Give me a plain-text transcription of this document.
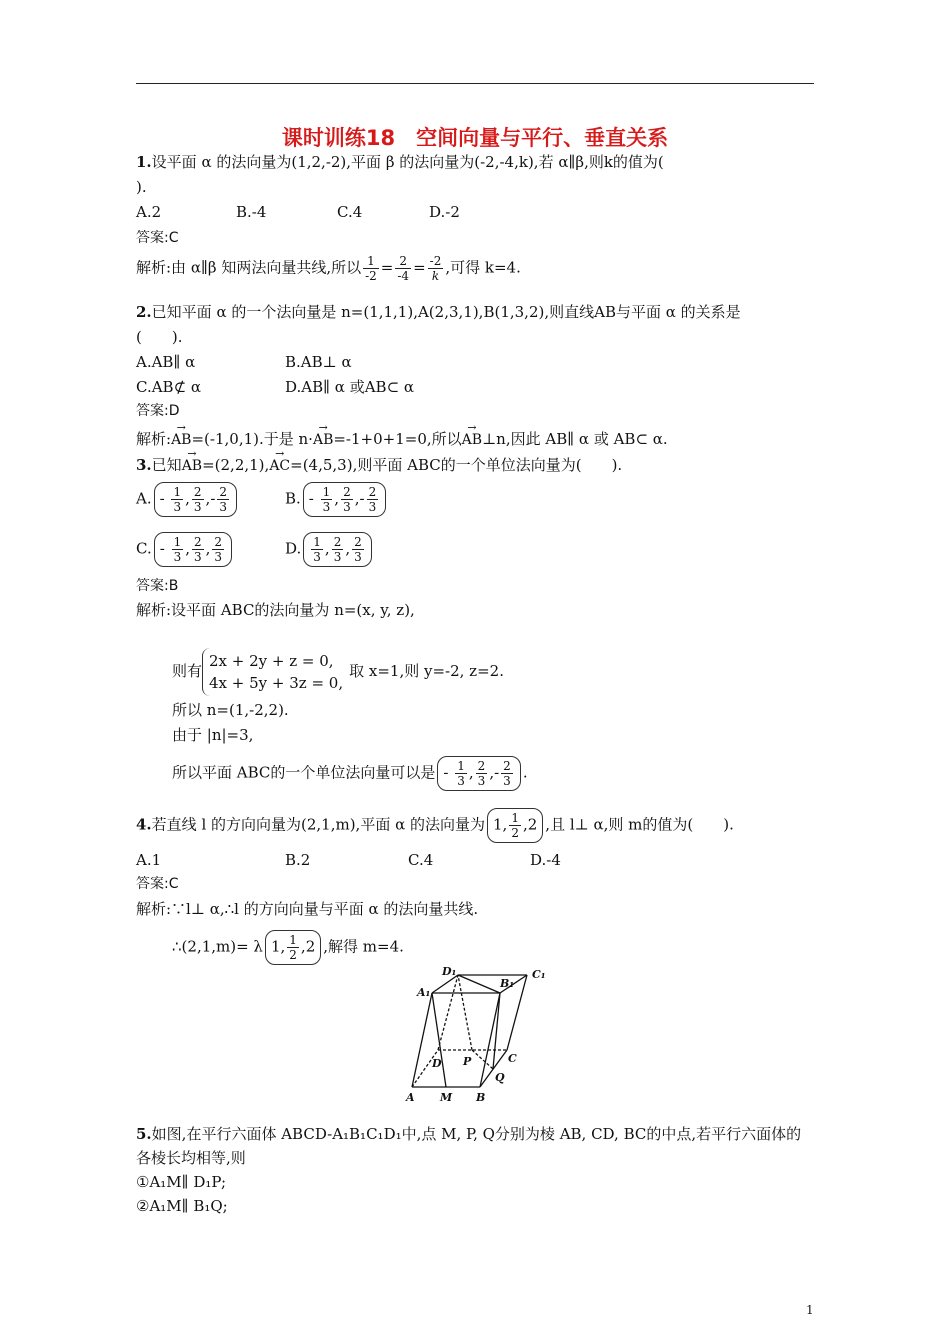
课时训练18　空间向量与平行、垂直关系
1.设平面 α 的法向量为(1,2,-2),平面 β 的法向量为(-2,-4,k),若 α∥β,则k的值为(
).
A.2	B.-4	C.4	D.-2
答案:C
解析:由 α∥β 知两法向量共线,所以 $\frac{1}{-2} = \frac{2}{-4} = \frac{-2}{k}$ ,可得 k=4.
2.已知平面 α 的一个法向量是 n=(1,1,1),A(2,3,1),B(1,3,2),则直线AB与平面 α 的关系是
(　　).
A.AB∥ α	B.AB⊥ α
C.AB⊄ α	D.AB∥ α 或AB⊂ α
答案:D
解析:AB
→
=(-1,0,1).于是 n·AB
→
=-1+0+1=0,所以AB
→
⊥n,因此 AB∥ α 或 AB⊂ α.
3.已知AB
→
=(2,2,1),AC
→
=(4,5,3),则平面 ABC的一个单位法向量为(　　).
A. - $\frac{1}{3}$ , $\frac{2}{3}$ ,- $\frac{2}{3}$	B. - $\frac{1}{3}$ , $\frac{2}{3}$ ,- $\frac{2}{3}$
C. - $\frac{1}{3}$ , $\frac{2}{3}$ , $\frac{2}{3}$	D. $\frac{1}{3}$ , $\frac{2}{3}$ , $\frac{2}{3}$
答案:B
解析:设平面 ABC的法向量为 n=(x, y, z),
则有
2x + 2y + z = 0,
4x + 5y + 3z = 0,
取 x=1,则 y=-2, z=2.
所以 n=(1,-2,2).
由于 |n|=3,
所以平面 ABC的一个单位法向量可以是 - $\frac{1}{3}$ , $\frac{2}{3}$ ,- $\frac{2}{3}$ .
4.若直线 l 的方向向量为(2,1,m),平面 α 的法向量为 1, $\frac{1}{2} ,2$ ,且 l⊥ α,则 m的值为(　　).
A.1	B.2	C.4	D.-4
答案:C
解析:∵l⊥ α,∴l 的方向向量与平面 α 的法向量共线.
∴(2,1,m)= λ 1, $\frac{1}{2} ,2$ ,解得 m=4.
D₁	C₁
A₁
B₁
D P	C
Q
A M B
5.如图,在平行六面体 ABCD-A₁B₁C₁D₁中,点 M, P, Q分别为棱 AB, CD, BC的中点,若平行六面体的
各棱长均相等,则
①A₁M∥ D₁P;
②A₁M∥ B₁Q;
1
